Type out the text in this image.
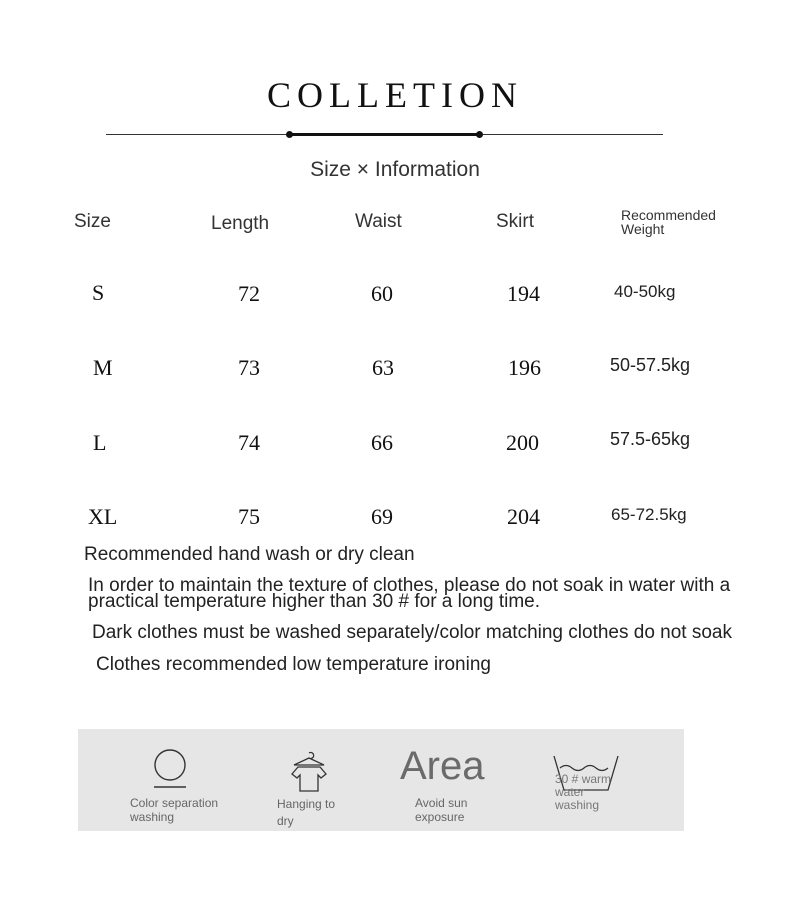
COLLETION
Size × Information
Size	Length	Waist	Skirt	Recommended
Weight
S	72	60	194	40-50kg
M	73	63	196	50-57.5kg
L	74	66	200	57.5-65kg
XL	75	69	204	65-72.5kg
Recommended hand wash or dry clean
In order to maintain the texture of clothes, please do not soak in water with a
practical temperature higher than 30 # for a long time.
Dark clothes must be washed separately/color matching clothes do not soak
Clothes recommended low temperature ironing
Color separation
washing
Hanging to
dry
Area
Avoid sun
exposure
30 # warm
water
washing
